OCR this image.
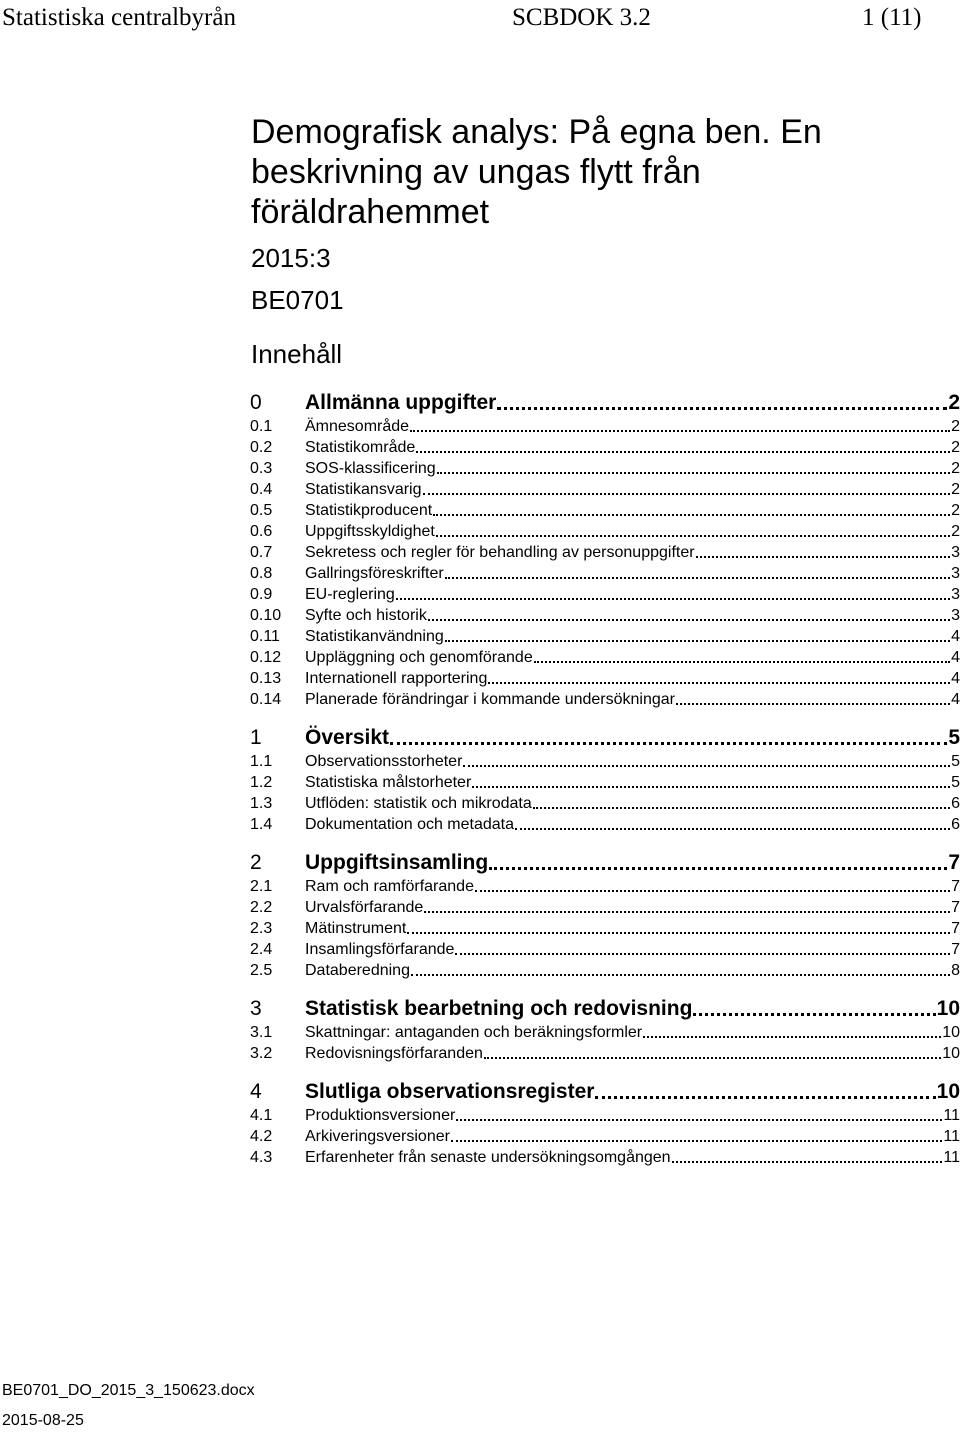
Statistiska centralbyrån	SCBDOK 3.2	1 (11)
Demografisk analys: På egna ben. En beskrivning av ungas flytt från föräldrahemmet
2015:3
BE0701
Innehåll
0	Allmänna uppgifter	2
0.1	Ämnesområde	2
0.2	Statistikområde	2
0.3	SOS-klassificering	2
0.4	Statistikansvarig	2
0.5	Statistikproducent	2
0.6	Uppgiftsskyldighet	2
0.7	Sekretess och regler för behandling av personuppgifter	3
0.8	Gallringsföreskrifter	3
0.9	EU-reglering	3
0.10	Syfte och historik	3
0.11	Statistikanvändning	4
0.12	Uppläggning och genomförande	4
0.13	Internationell rapportering	4
0.14	Planerade förändringar i kommande undersökningar	4
1	Översikt	5
1.1	Observationsstorheter	5
1.2	Statistiska målstorheter	5
1.3	Utflöden: statistik och mikrodata	6
1.4	Dokumentation och metadata	6
2	Uppgiftsinsamling	7
2.1	Ram och ramförfarande	7
2.2	Urvalsförfarande	7
2.3	Mätinstrument	7
2.4	Insamlingsförfarande	7
2.5	Databeredning	8
3	Statistisk bearbetning och redovisning	10
3.1	Skattningar: antaganden och beräkningsformler	10
3.2	Redovisningsförfaranden	10
4	Slutliga observationsregister	10
4.1	Produktionsversioner	11
4.2	Arkiveringsversioner	11
4.3	Erfarenheter från senaste undersökningsomgången	11
BE0701_DO_2015_3_150623.docx
2015-08-25
